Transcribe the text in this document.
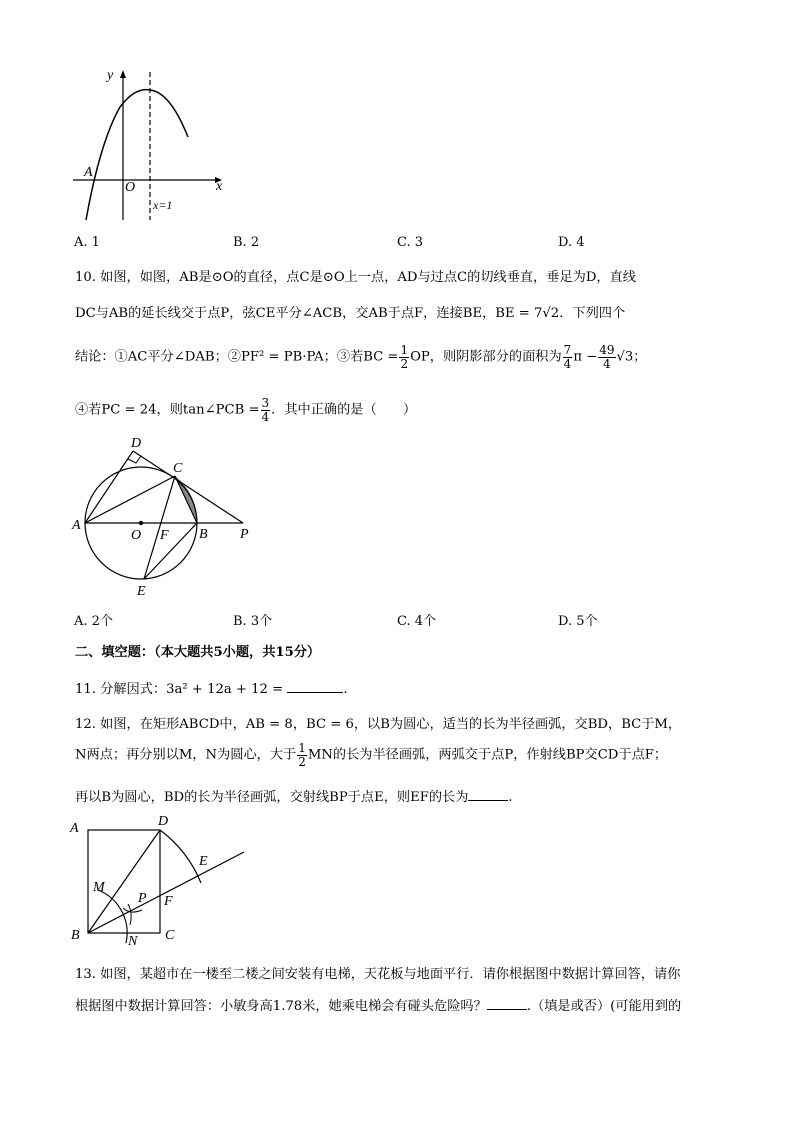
y
x
O
A
x=1
A. 1	B. 2	C. 3	D. 4
10. 如图，如图，AB是⊙O的直径，点C是⊙O上一点，AD与过点C的切线垂直，垂足为D，直线
DC与AB的延长线交于点P，弦CE平分∠ACB，交AB于点F，连接BE，BE = 7√2．下列四个
结论：①AC平分∠DAB；②PF² = PB·PA；③若BC = $\frac{1}{2}$ OP，则阴影部分的面积为 $\frac{7}{4}$ $\pi - \frac{49}{4} √3$；
④若PC = 24，则tan∠PCB = $\frac{3}{4}$ ．其中正确的是（　　）
D
C
A
O F B P
E
A. 2个	B. 3个	C. 4个	D. 5个
二、填空题：（本大题共5小题，共15分）
11. 分解因式：3a² + 12a + 12 =	.
12. 如图，在矩形ABCD中，AB = 8，BC = 6，以B为圆心，适当的长为半径画弧，交BD，BC于M，
N两点；再分别以M，N为圆心，大于 $\frac{1}{2}$ MN的长为半径画弧，两弧交于点P，作射线BP交CD于点F；
再以B为圆心，BD的长为半径画弧，交射线BP于点E，则EF的长为	.
A	D
E
M
P F
B	N C
13. 如图，某超市在一楼至二楼之间安装有电梯，天花板与地面平行．请你根据图中数据计算回答，请你
根据图中数据计算回答：小敏身高1.78米，她乘电梯会有碰头危险吗？	.（填是或否）(可能用到的
